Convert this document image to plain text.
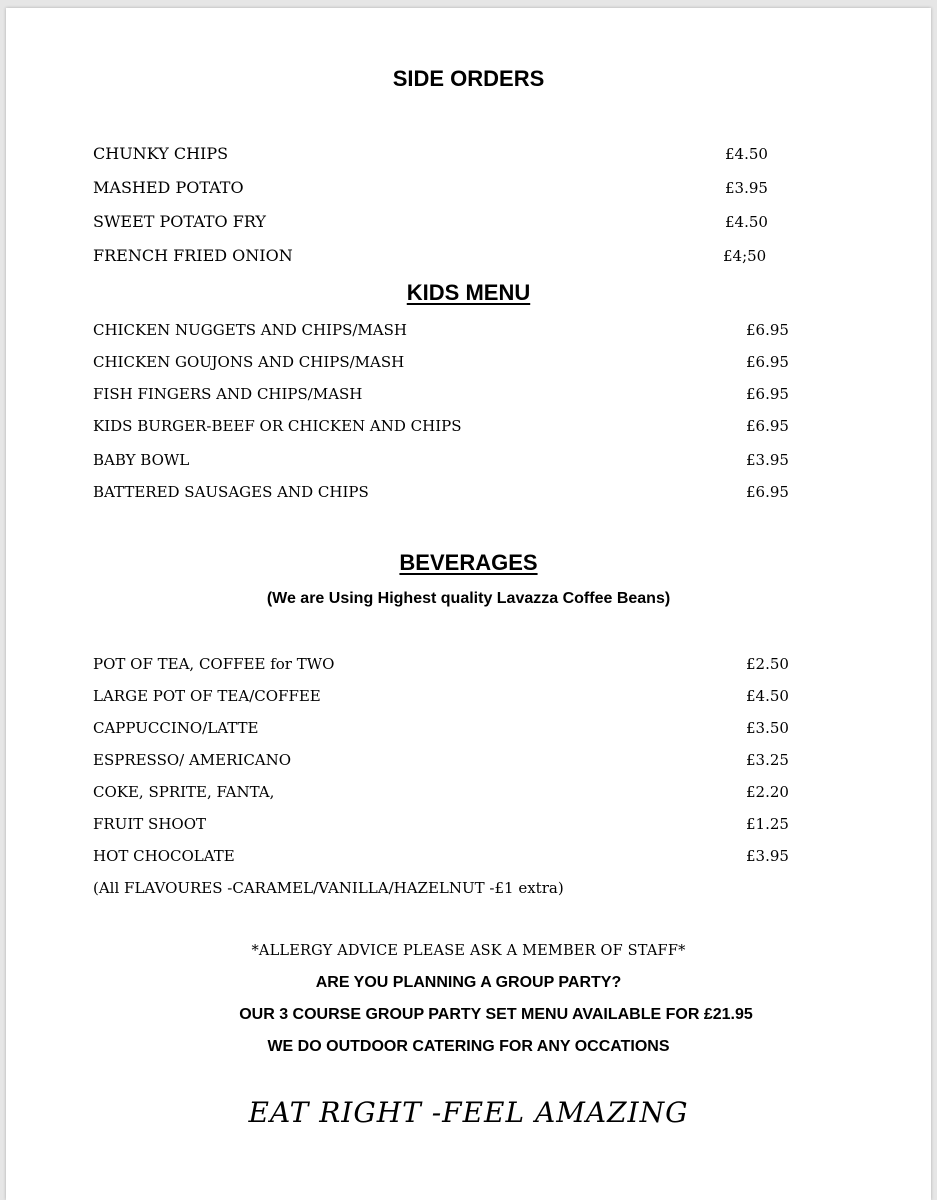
SIDE ORDERS
CHUNKY CHIPS	£4.50
MASHED POTATO	£3.95
SWEET POTATO FRY	£4.50
FRENCH FRIED ONION	£4;50
KIDS MENU
CHICKEN NUGGETS AND CHIPS/MASH	£6.95
CHICKEN GOUJONS AND CHIPS/MASH	£6.95
FISH FINGERS AND CHIPS/MASH	£6.95
KIDS BURGER-BEEF OR CHICKEN AND CHIPS	£6.95
BABY BOWL	£3.95
BATTERED SAUSAGES AND CHIPS	£6.95
BEVERAGES
(We are Using Highest quality Lavazza Coffee Beans)
POT OF TEA, COFFEE for TWO	£2.50
LARGE POT OF TEA/COFFEE	£4.50
CAPPUCCINO/LATTE	£3.50
ESPRESSO/ AMERICANO	£3.25
COKE, SPRITE, FANTA,	£2.20
FRUIT SHOOT	£1.25
HOT CHOCOLATE	£3.95
(All FLAVOURES -CARAMEL/VANILLA/HAZELNUT -£1 extra)
*ALLERGY ADVICE PLEASE ASK A MEMBER OF STAFF*
ARE YOU PLANNING A GROUP PARTY?
OUR 3 COURSE GROUP PARTY SET MENU AVAILABLE FOR £21.95
WE DO OUTDOOR CATERING FOR ANY OCCATIONS
EAT RIGHT -FEEL AMAZING
